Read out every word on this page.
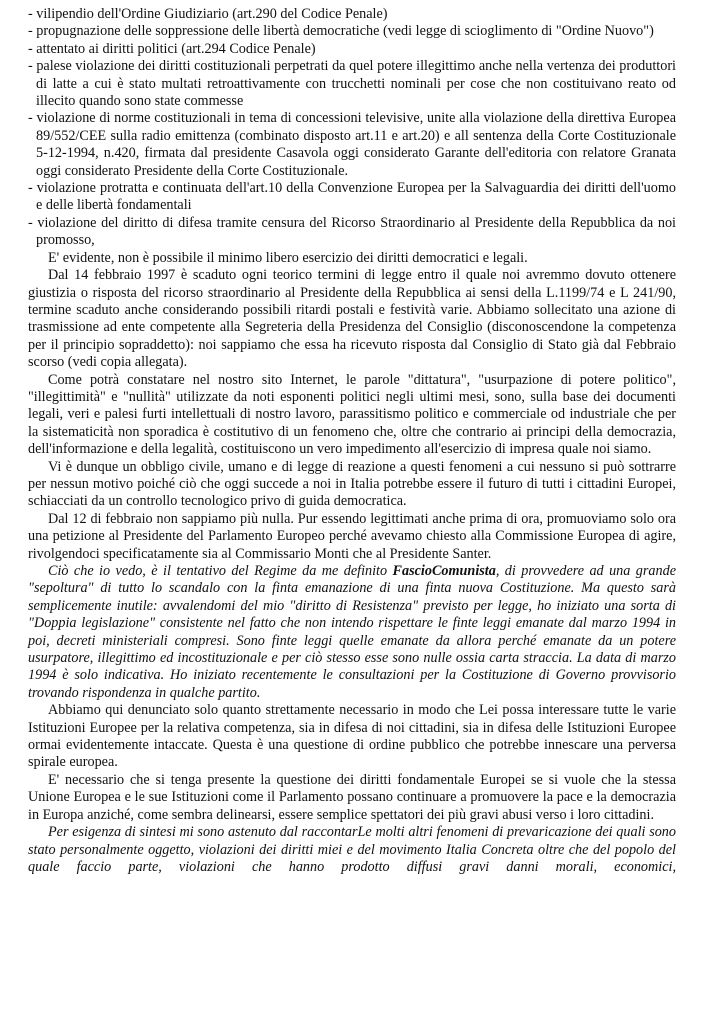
- vilipendio dell'Ordine Giudiziario (art.290 del Codice Penale)

- propugnazione delle soppressione delle libertà democratiche (vedi legge di scioglimento di "Ordine Nuovo")

- attentato ai diritti politici (art.294 Codice Penale)

- palese violazione dei diritti costituzionali perpetrati da quel potere illegittimo anche nella vertenza dei produttori di latte a cui è stato multati retroattivamente con trucchetti nominali per cose che non costituivano reato od illecito quando sono state commesse

- violazione di norme costituzionali in tema di concessioni televisive, unite alla violazione della direttiva Europea 89/552/CEE sulla radio emittenza (combinato disposto art.11 e art.20) e all sentenza della Corte Costituzionale 5-12-1994, n.420, firmata dal presidente Casavola oggi considerato Garante dell'editoria con relatore Granata oggi considerato Presidente della Corte Costituzionale.

- violazione protratta e continuata dell'art.10 della Convenzione Europea per la Salvaguardia dei diritti dell'uomo e delle libertà fondamentali

- violazione del diritto di difesa tramite censura del Ricorso Straordinario al Presidente della Repubblica da noi promosso,

E' evidente, non è possibile il minimo libero esercizio dei diritti democratici e legali.

Dal 14 febbraio 1997 è scaduto ogni teorico termini di legge entro il quale noi avremmo dovuto ottenere giustizia o risposta del ricorso straordinario al Presidente della Repubblica ai sensi della L.1199/74 e L 241/90, termine scaduto anche considerando possibili ritardi postali e festività varie. Abbiamo sollecitato una azione di trasmissione ad ente competente alla Segreteria della Presidenza del Consiglio (disconoscendone la competenza per il principio sopraddetto): noi sappiamo che essa ha ricevuto risposta dal Consiglio di Stato già dal Febbraio scorso (vedi copia allegata).

Come potrà constatare nel nostro sito Internet, le parole "dittatura", "usurpazione di potere politico", "illegittimità" e "nullità" utilizzate da noti esponenti politici negli ultimi mesi, sono, sulla base dei documenti legali, veri e palesi furti intellettuali di nostro lavoro, parassitismo politico e commerciale od industriale che per la sistematicità non sporadica è costitutivo di un fenomeno che, oltre che contrario ai principi della democrazia, dell'informazione e della legalità, costituiscono un vero impedimento all'esercizio di impresa quale noi siamo.

Vi è dunque un obbligo civile, umano e di legge di reazione a questi fenomeni a cui nessuno si può sottrarre per nessun motivo poiché ciò che oggi succede a noi in Italia potrebbe essere il futuro di tutti i cittadini Europei, schiacciati da un controllo tecnologico privo di guida democratica.

Dal 12 di febbraio non sappiamo più nulla. Pur essendo legittimati anche prima di ora, promuoviamo solo ora una petizione al Presidente del Parlamento Europeo perché avevamo chiesto alla Commissione Europea di agire, rivolgendoci specificatamente sia al Commissario Monti che al Presidente Santer.

Ciò che io vedo, è il tentativo del Regime da me definito FascioComunista, di provvedere ad una grande "sepoltura" di tutto lo scandalo con la finta emanazione di una finta nuova Costituzione. Ma questo sarà semplicemente inutile: avvalendomi del mio "diritto di Resistenza" previsto per legge, ho iniziato una sorta di "Doppia legislazione" consistente nel fatto che non intendo rispettare le finte leggi emanate dal marzo 1994 in poi, decreti ministeriali compresi. Sono finte leggi quelle emanate da allora perché emanate da un potere usurpatore, illegittimo ed incostituzionale e per ciò stesso esse sono nulle ossia carta straccia. La data di marzo 1994 è solo indicativa. Ho iniziato recentemente le consultazioni per la Costituzione di Governo provvisorio trovando rispondenza in qualche partito.

Abbiamo qui denunciato solo quanto strettamente necessario in modo che Lei possa interessare tutte le varie Istituzioni Europee per la relativa competenza, sia in difesa di noi cittadini, sia in difesa delle Istituzioni Europee ormai evidentemente intaccate. Questa è una questione di ordine pubblico che potrebbe innescare una perversa spirale europea.

E' necessario che si tenga presente la questione dei diritti fondamentale Europei se si vuole che la stessa Unione Europea e le sue Istituzioni come il Parlamento possano continuare a promuovere la pace e la democrazia in Europa anziché, come sembra delinearsi, essere semplice spettatori dei più gravi abusi verso i loro cittadini.

Per esigenza di sintesi mi sono astenuto dal raccontarLe molti altri fenomeni di prevaricazione dei quali sono stato personalmente oggetto, violazioni dei diritti miei e del movimento Italia Concreta oltre che del popolo del quale faccio parte, violazioni che hanno prodotto diffusi gravi danni morali, economici,
